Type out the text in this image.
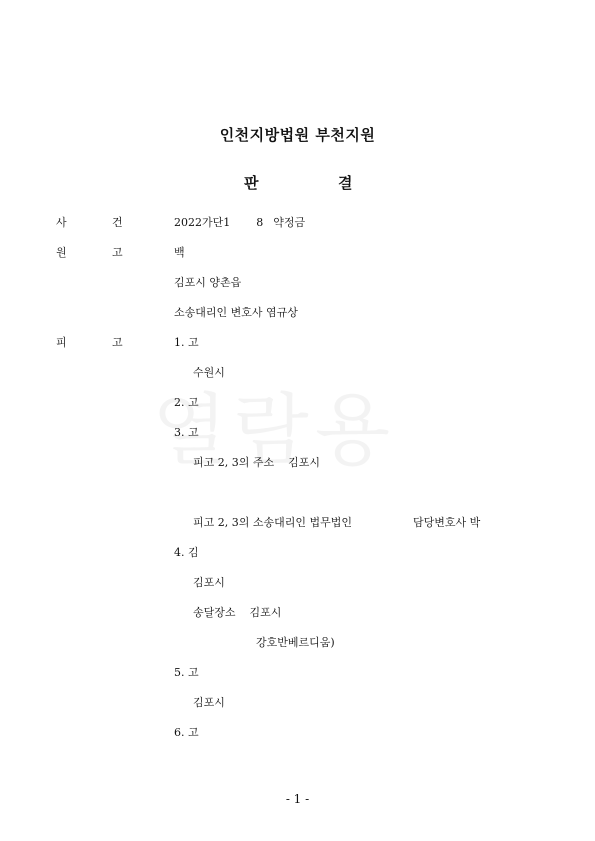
인천지방법원 부천지원
판	결
사	건	2022가단1 8 약정금
원	고	백
김포시 양촌읍
소송대리인 변호사 염규상
피	고	1. 고
수원시
2. 고
3. 고
피고 2, 3의 주소 김포시
피고 2, 3의 소송대리인 법무법인	담당변호사 박
4. 김
김포시
송달장소 김포시
강호반베르디움)
5. 고
김포시
6. 고
- 1 -
